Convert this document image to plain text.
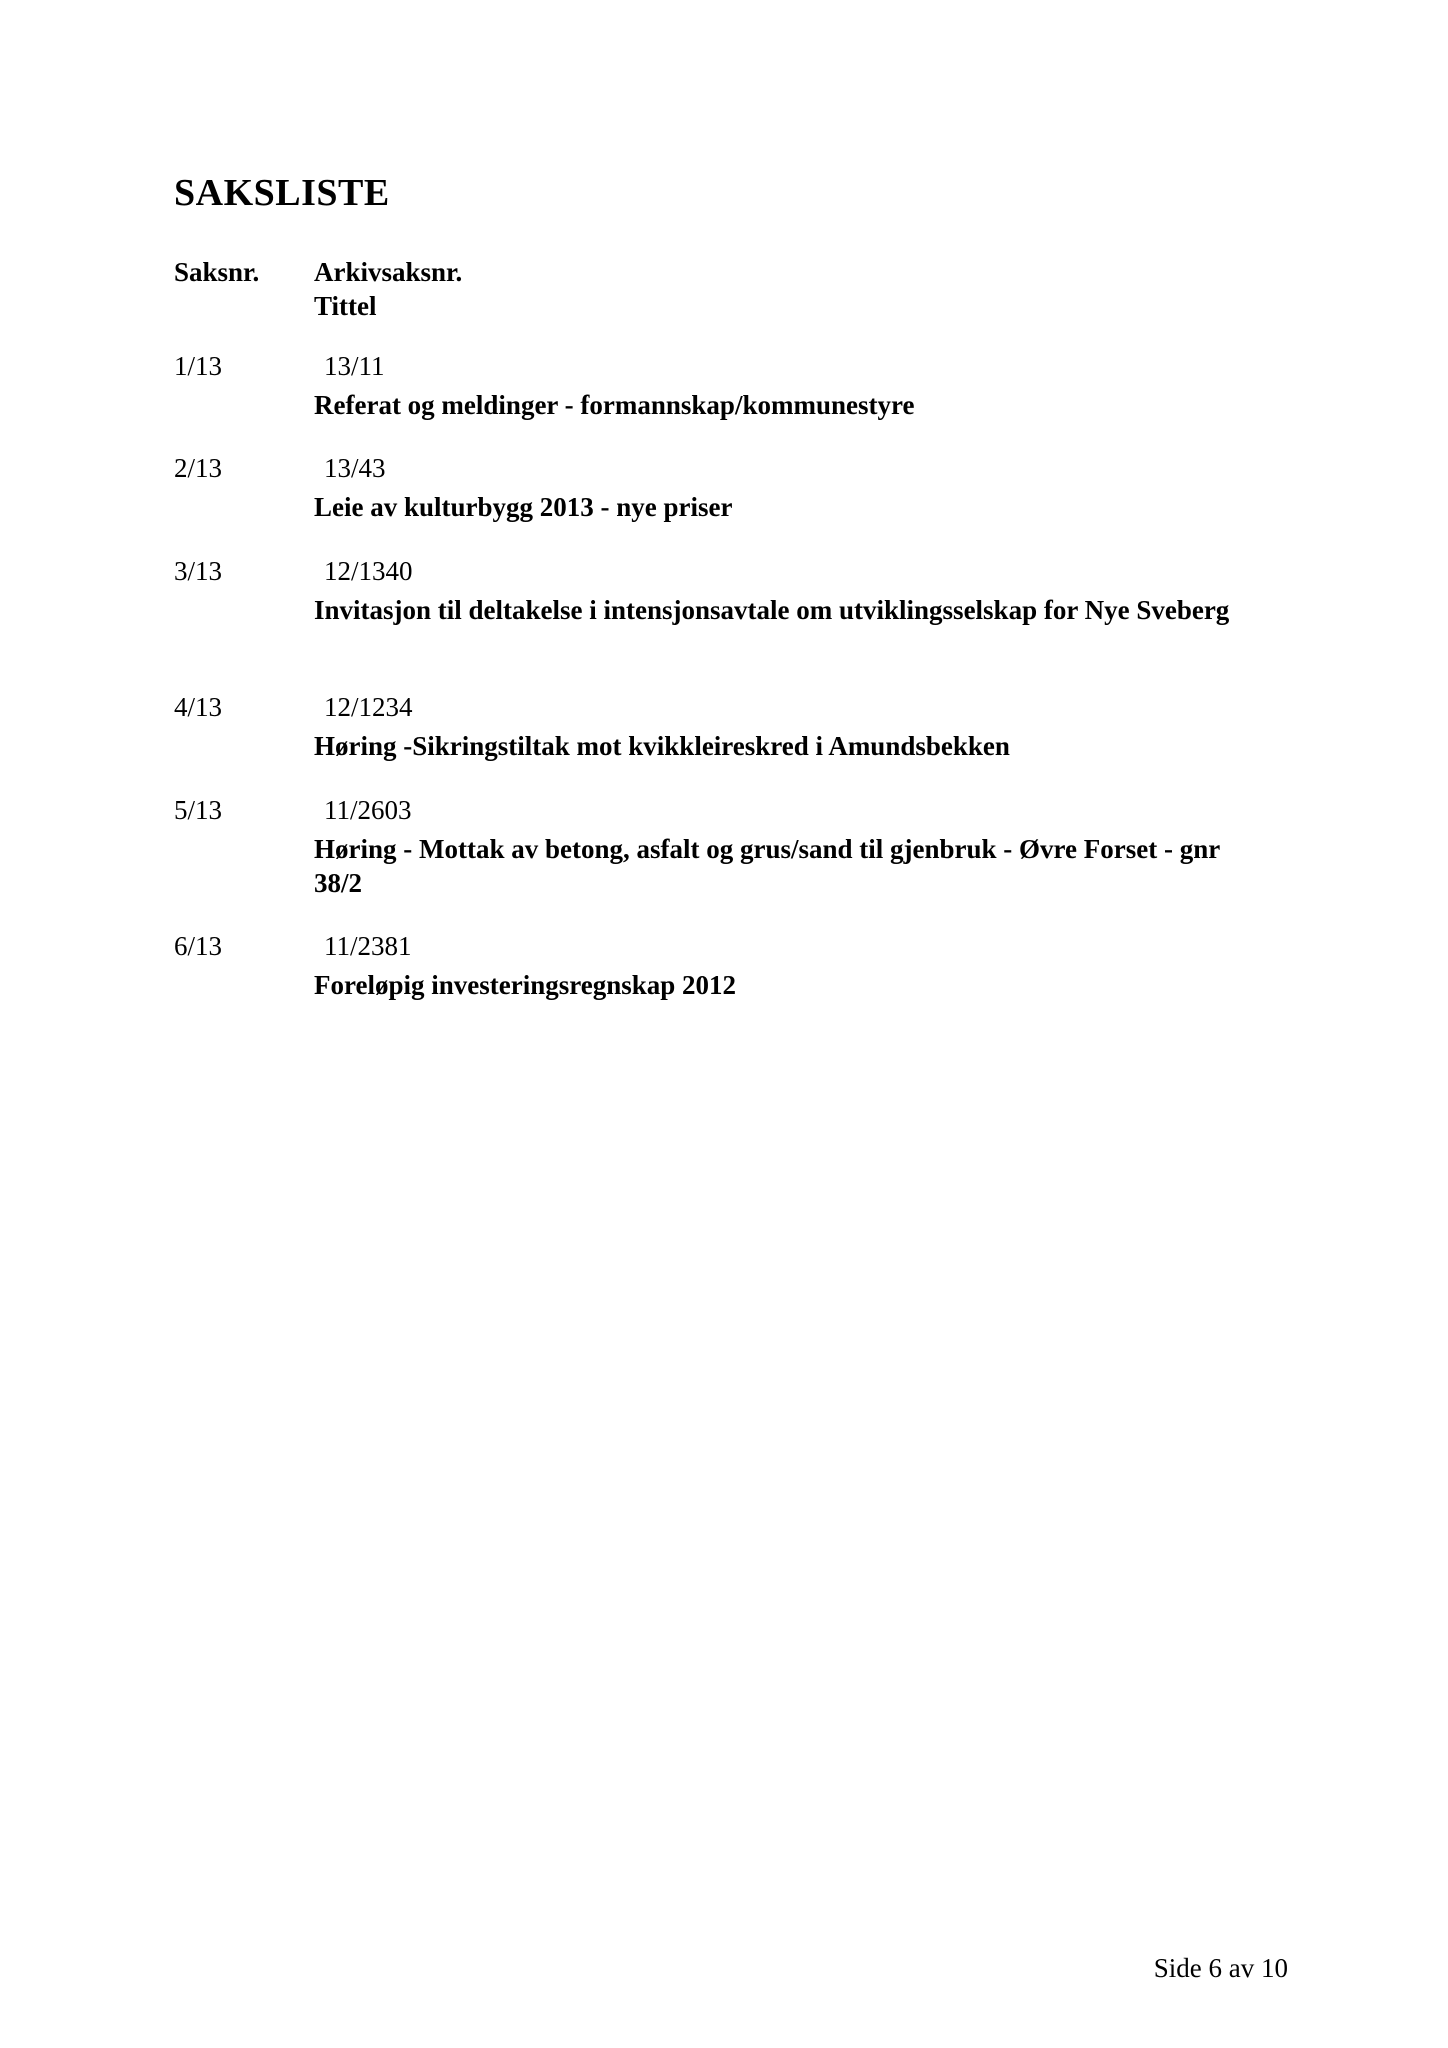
SAKSLISTE
Saksnr. Arkivsaksnr.
Tittel
1/13	13/11
Referat og meldinger - formannskap/kommunestyre
2/13	13/43
Leie av kulturbygg 2013 - nye priser
3/13	12/1340
Invitasjon til deltakelse i intensjonsavtale om utviklingsselskap for Nye Sveberg
4/13	12/1234
Høring -Sikringstiltak mot kvikkleireskred i Amundsbekken
5/13	11/2603
Høring - Mottak av betong, asfalt og grus/sand til gjenbruk - Øvre Forset - gnr 38/2
6/13	11/2381
Foreløpig investeringsregnskap 2012
Side 6 av 10
